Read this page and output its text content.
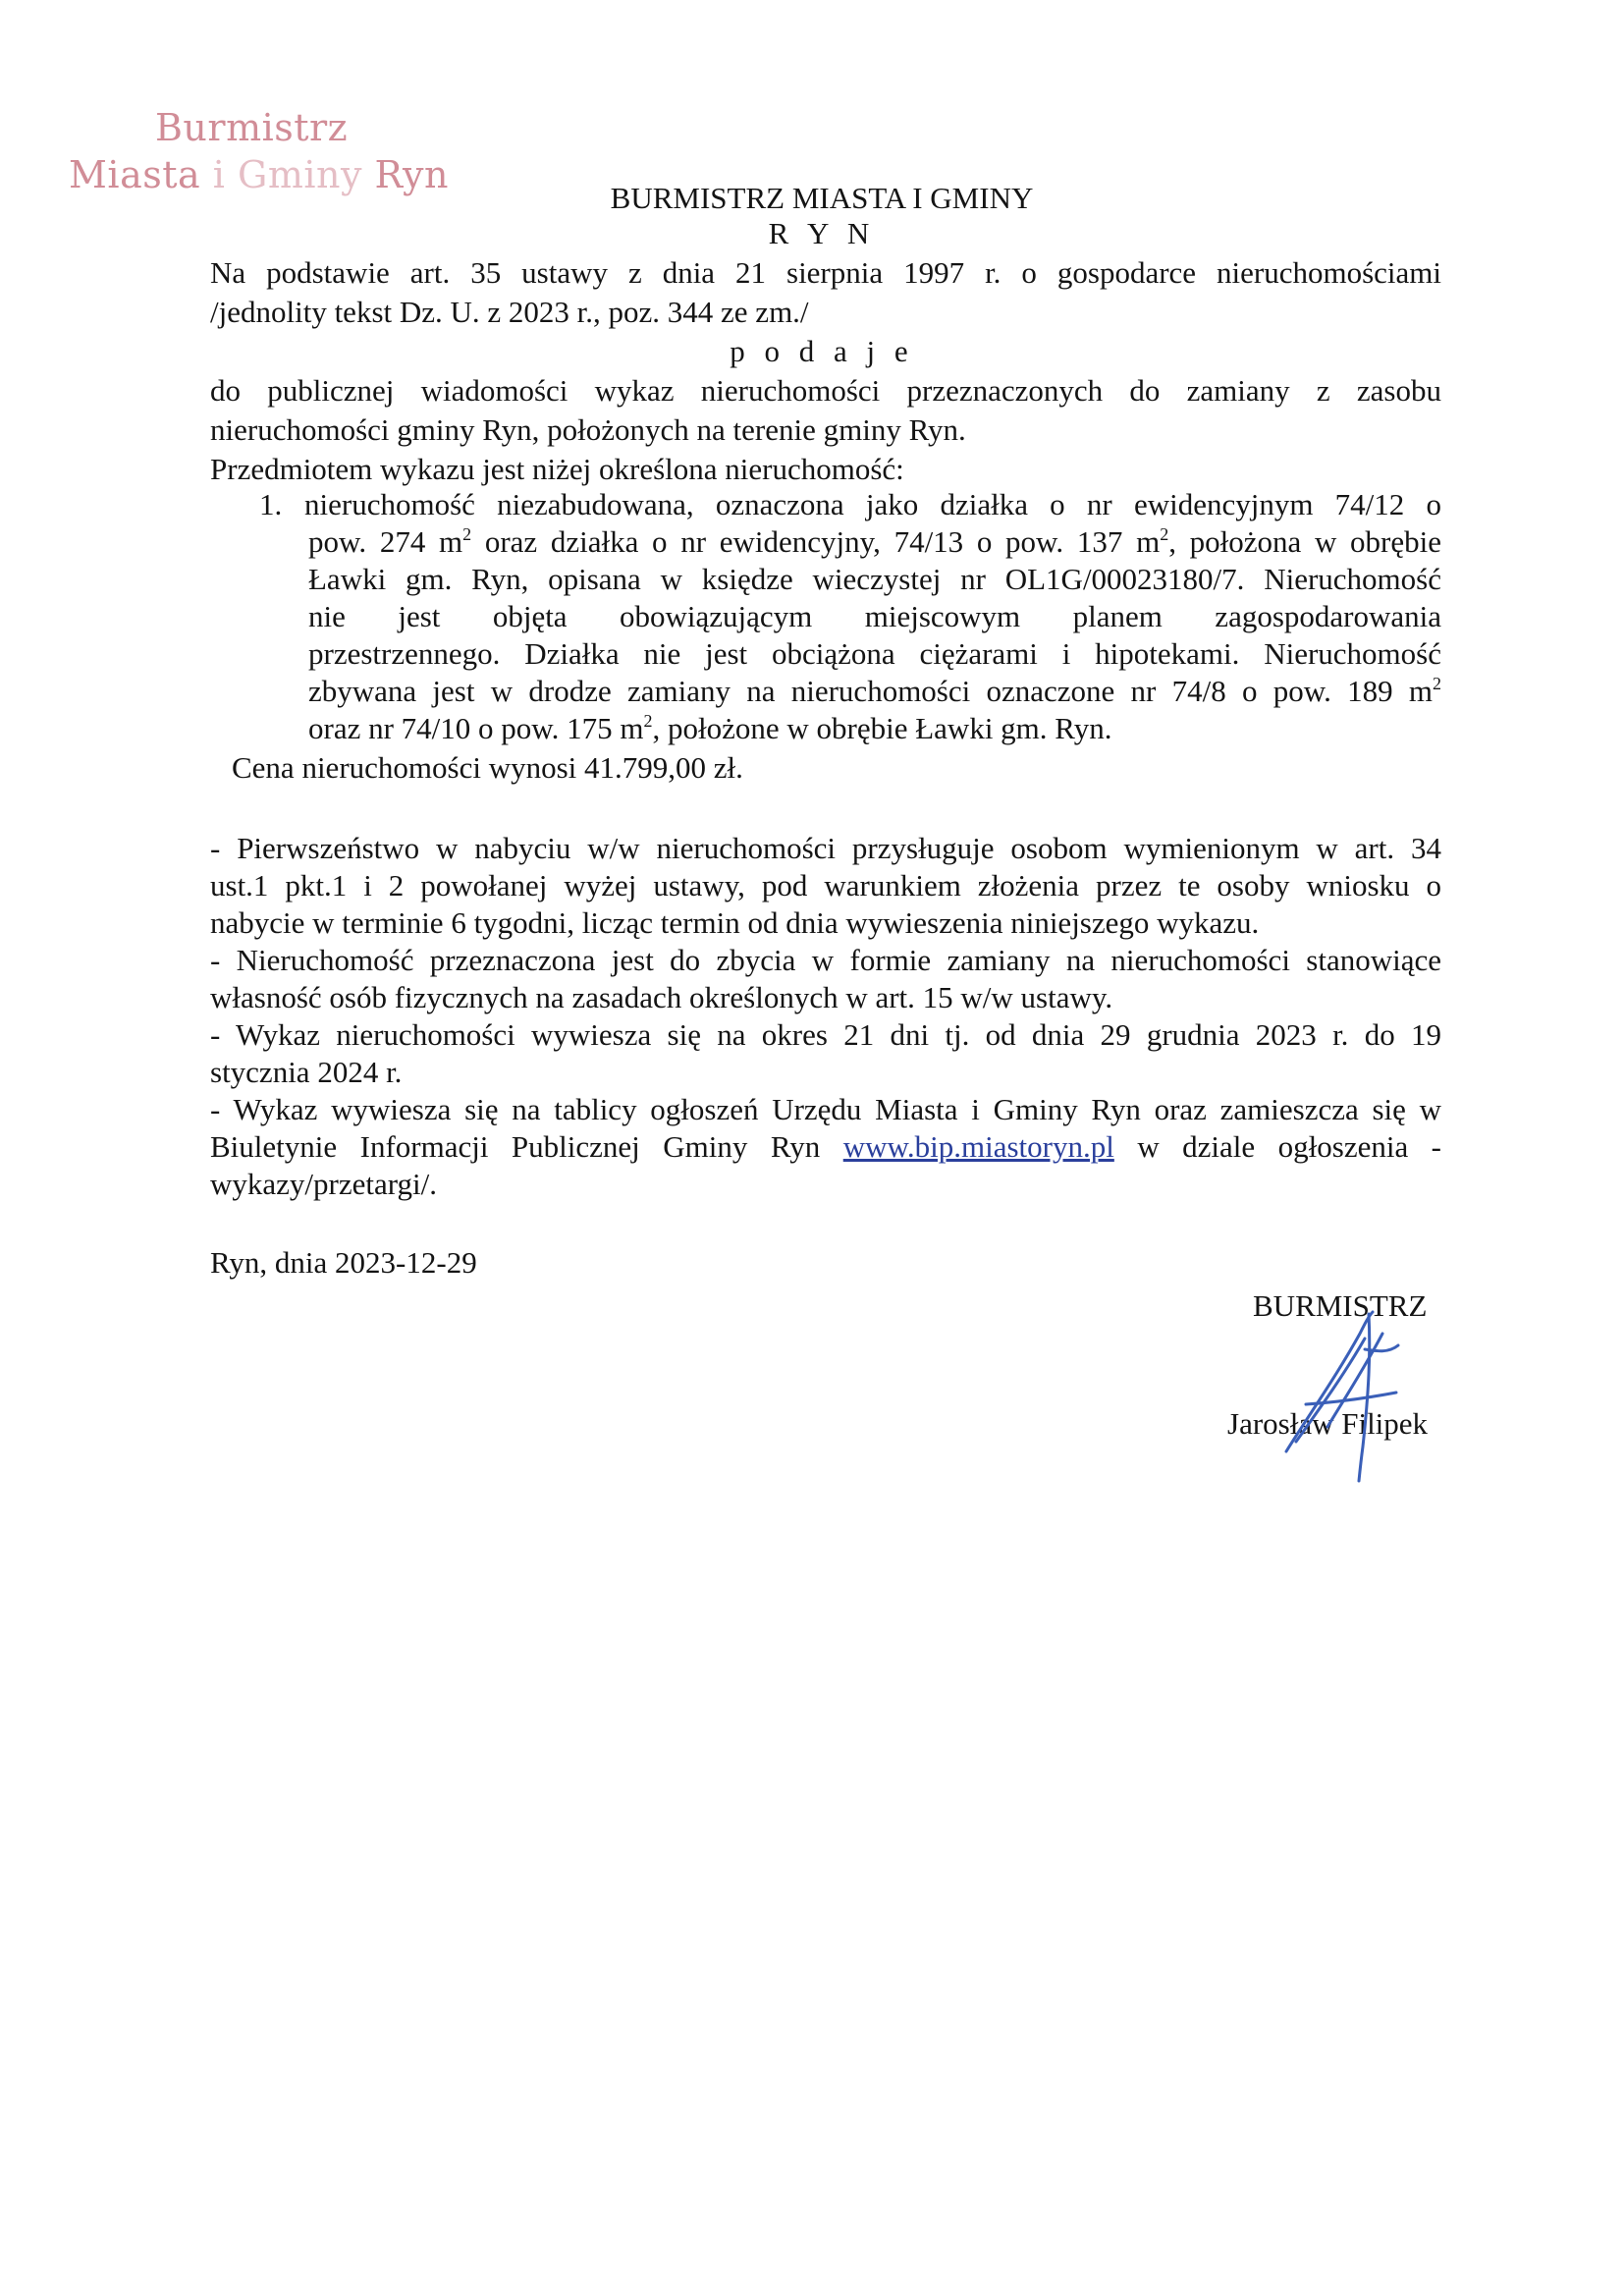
Burmistrz
Miasta i Gminy Ryn
BURMISTRZ MIASTA I GMINY
R Y N
Na podstawie art. 35 ustawy z dnia 21 sierpnia 1997 r. o gospodarce nieruchomościami
/jednolity tekst Dz. U. z 2023 r., poz. 344 ze zm./
p o d a j e
do publicznej wiadomości wykaz nieruchomości przeznaczonych do zamiany z zasobu
nieruchomości gminy Ryn, położonych na terenie gminy Ryn.
Przedmiotem wykazu jest niżej określona nieruchomość:
1. nieruchomość niezabudowana, oznaczona jako działka o nr ewidencyjnym 74/12 o
pow. 274 $m^2$ oraz działka o nr ewidencyjny, 74/13 o pow. 137 $m^2$, położona w obrębie
Ławki gm. Ryn, opisana w księdze wieczystej nr OL1G/00023180/7. Nieruchomość
nie jest objęta obowiązującym miejscowym planem zagospodarowania
przestrzennego. Działka nie jest obciążona ciężarami i hipotekami. Nieruchomość
zbywana jest w drodze zamiany na nieruchomości oznaczone nr 74/8 o pow. 189 $m^2$
oraz nr 74/10 o pow. 175 $m^2$, położone w obrębie Ławki gm. Ryn.
Cena nieruchomości wynosi 41.799,00 zł.
- Pierwszeństwo w nabyciu w/w nieruchomości przysługuje osobom wymienionym w art. 34
ust.1 pkt.1 i 2 powołanej wyżej ustawy, pod warunkiem złożenia przez te osoby wniosku o
nabycie w terminie 6 tygodni, licząc termin od dnia wywieszenia niniejszego wykazu.
- Nieruchomość przeznaczona jest do zbycia w formie zamiany na nieruchomości stanowiące
własność osób fizycznych na zasadach określonych w art. 15 w/w ustawy.
- Wykaz nieruchomości wywiesza się na okres 21 dni tj. od dnia 29 grudnia 2023 r. do 19
stycznia 2024 r.
- Wykaz wywiesza się na tablicy ogłoszeń Urzędu Miasta i Gminy Ryn oraz zamieszcza się w
Biuletynie Informacji Publicznej Gminy Ryn www.bip.miastoryn.pl w dziale ogłoszenia -
wykazy/przetargi/.
Ryn, dnia 2023-12-29
BURMISTRZ
Jarosław Filipek
